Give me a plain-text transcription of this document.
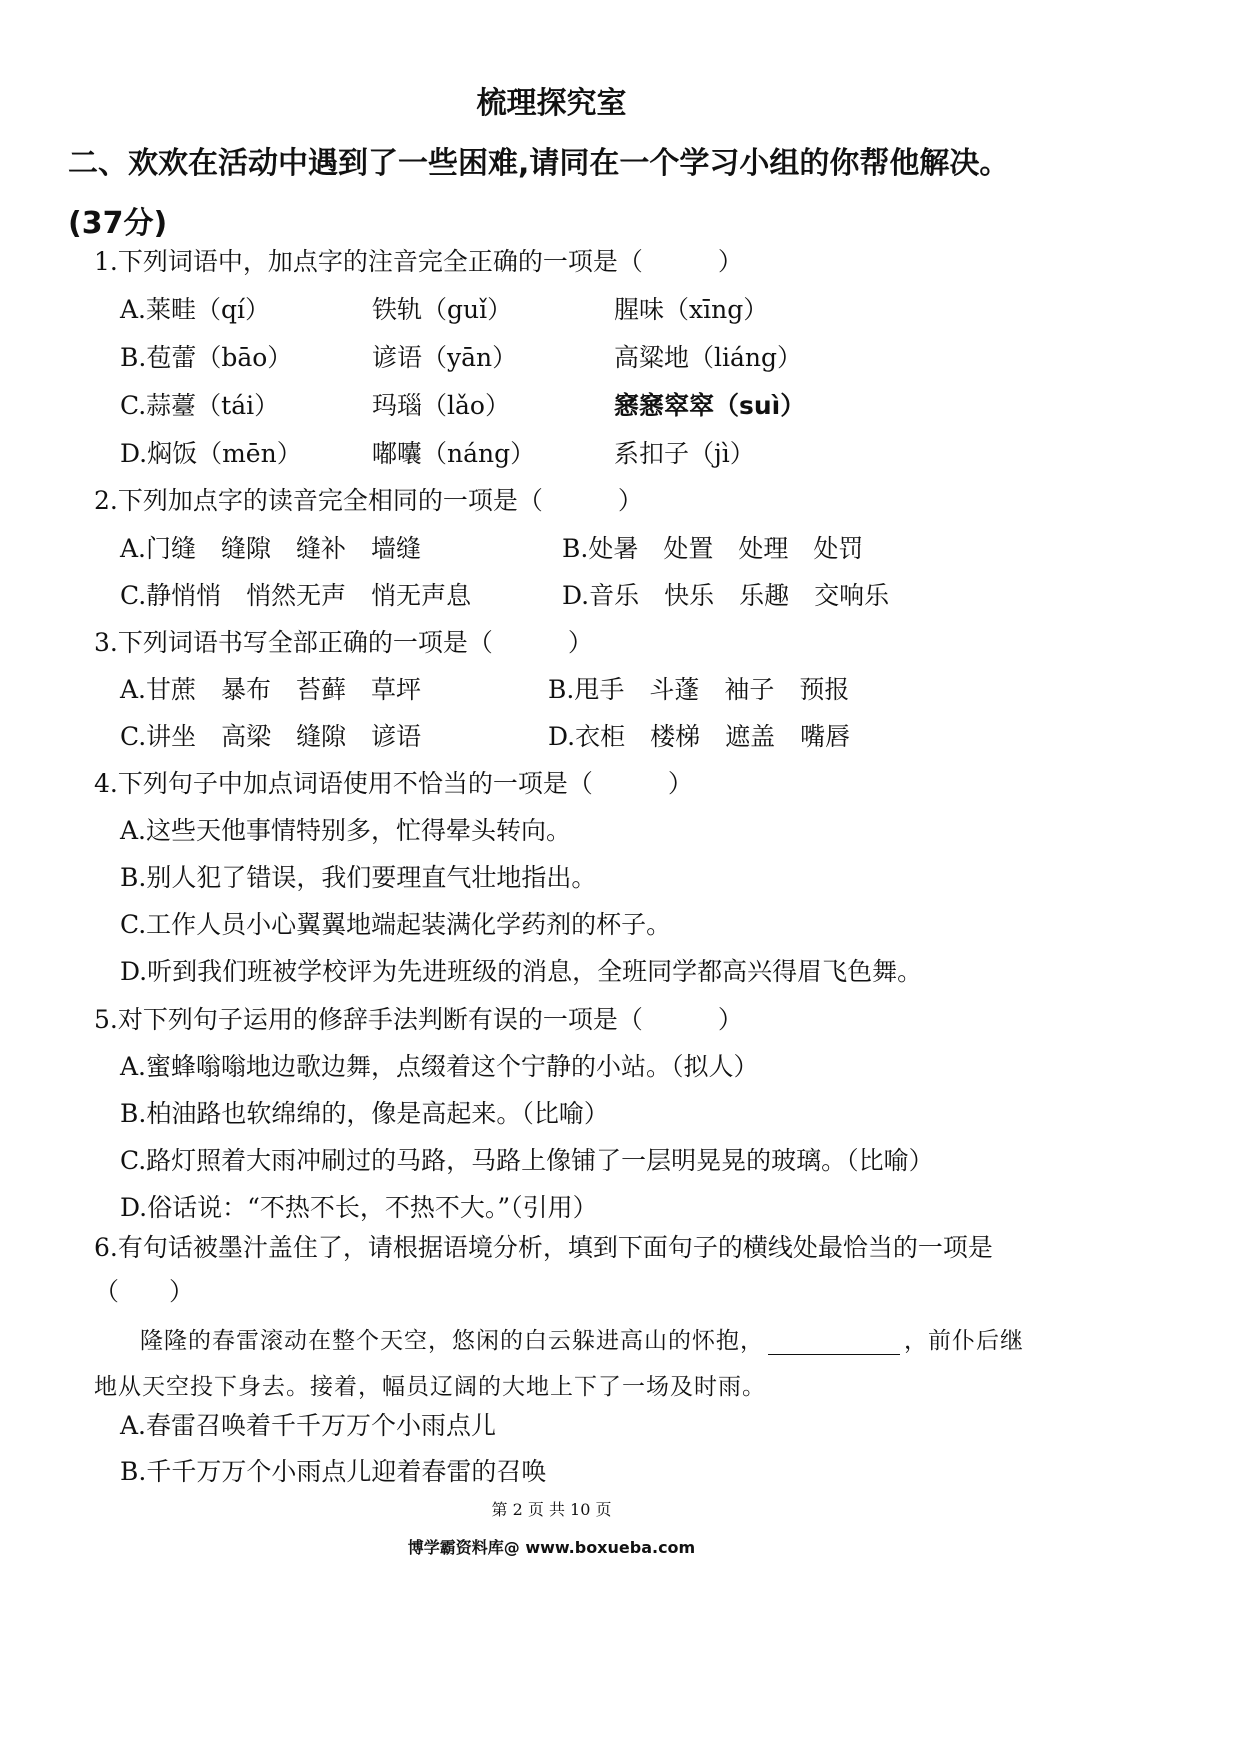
梳理探究室
二、欢欢在活动中遇到了一些困难,请同在一个学习小组的你帮他解决。(37分)
1.下列词语中，加点字的注音完全正确的一项是（　　　）
A.莱畦（qí）	铁轨（guǐ）	腥味（xīng）
B.苞蕾（bāo）	谚语（yān）	高粱地（liáng）
C.蒜薹（tái）	玛瑙（lǎo）	窸窸窣窣（suì）
D.焖饭（mēn）	嘟囔（náng）	系扣子（jì）
2.下列加点字的读音完全相同的一项是（　　　）
A.门缝　缝隙　缝补　墙缝	B.处暑　处置　处理　处罚
C.静悄悄　悄然无声　悄无声息	D.音乐　快乐　乐趣　交响乐
3.下列词语书写全部正确的一项是（　　　）
A.甘蔗　暴布　苔藓　草坪	B.甩手　斗蓬　袖子　预报
C.讲坐　高梁　缝隙　谚语	D.衣柜　楼梯　遮盖　嘴唇
4.下列句子中加点词语使用不恰当的一项是（　　　）
A.这些天他事情特别多，忙得晕头转向。
B.别人犯了错误，我们要理直气壮地指出。
C.工作人员小心翼翼地端起装满化学药剂的杯子。
D.听到我们班被学校评为先进班级的消息，全班同学都高兴得眉飞色舞。
5.对下列句子运用的修辞手法判断有误的一项是（　　　）
A.蜜蜂嗡嗡地边歌边舞，点缀着这个宁静的小站。（拟人）
B.柏油路也软绵绵的，像是高起来。（比喻）
C.路灯照着大雨冲刷过的马路，马路上像铺了一层明晃晃的玻璃。（比喻）
D.俗话说：“不热不长，不热不大。”（引用）
6.有句话被墨汁盖住了，请根据语境分析，填到下面句子的横线处最恰当的一项是（　　）
隆隆的春雷滚动在整个天空，悠闲的白云躲进高山的怀抱，	，前仆后继地从天空投下身去。接着，幅员辽阔的大地上下了一场及时雨。
A.春雷召唤着千千万万个小雨点儿
B.千千万万个小雨点儿迎着春雷的召唤
第 2 页 共 10 页
博学霸资料库@ www.boxueba.com
